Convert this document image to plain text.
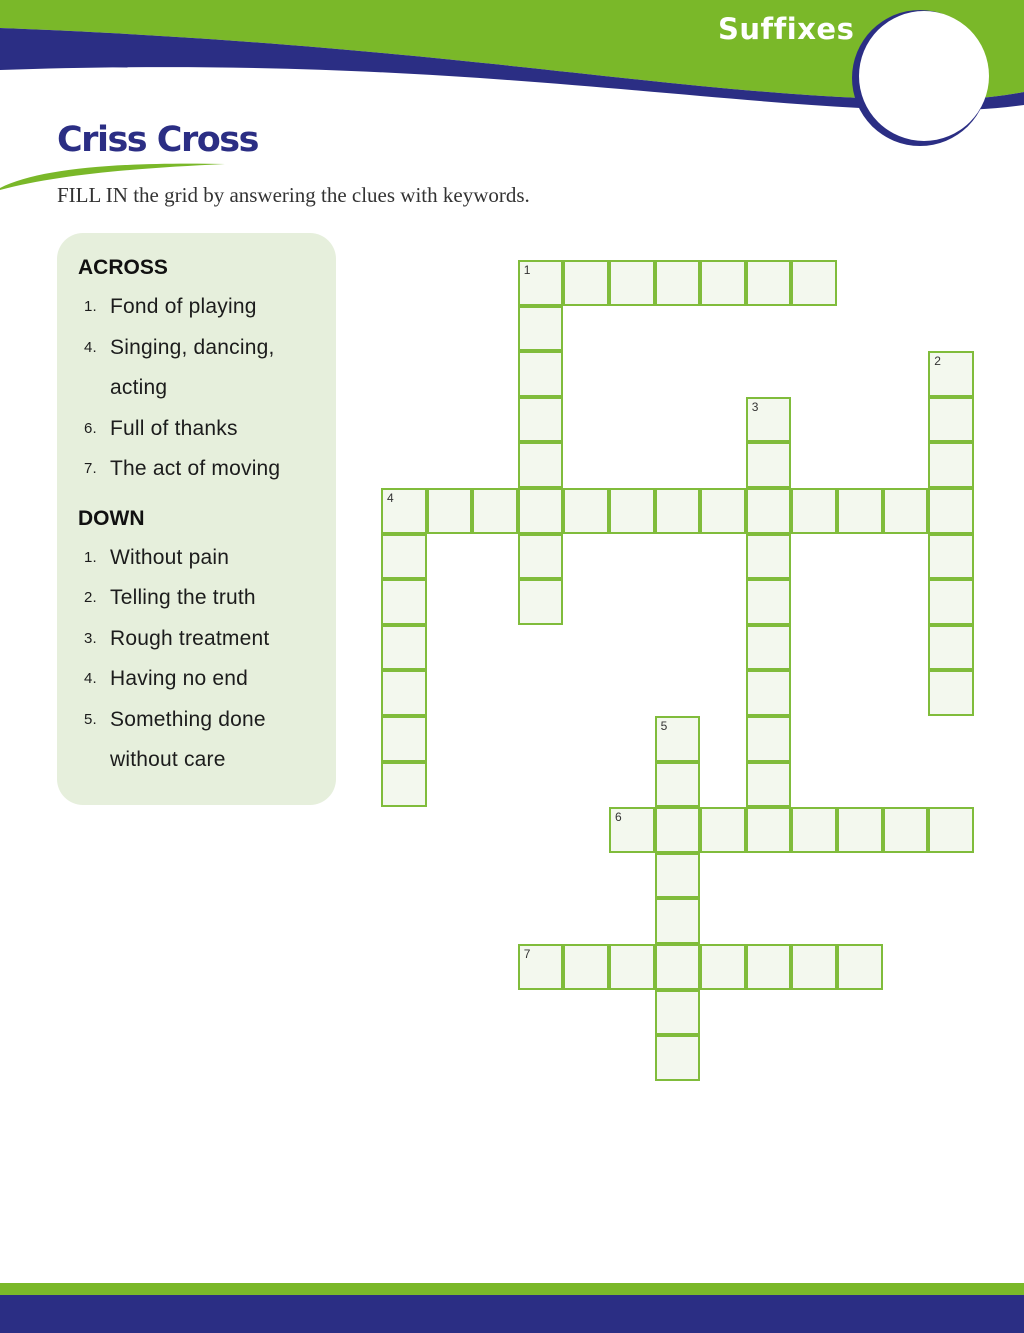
Suffixes
Criss Cross
FILL IN the grid by answering the clues with keywords.
ACROSS
1. Fond of playing
4. Singing, dancing, acting
6. Full of thanks
7. The act of moving
DOWN
1. Without pain
2. Telling the truth
3. Rough treatment
4. Having no end
5. Something done without care
1
2
3
4
5
6
7
